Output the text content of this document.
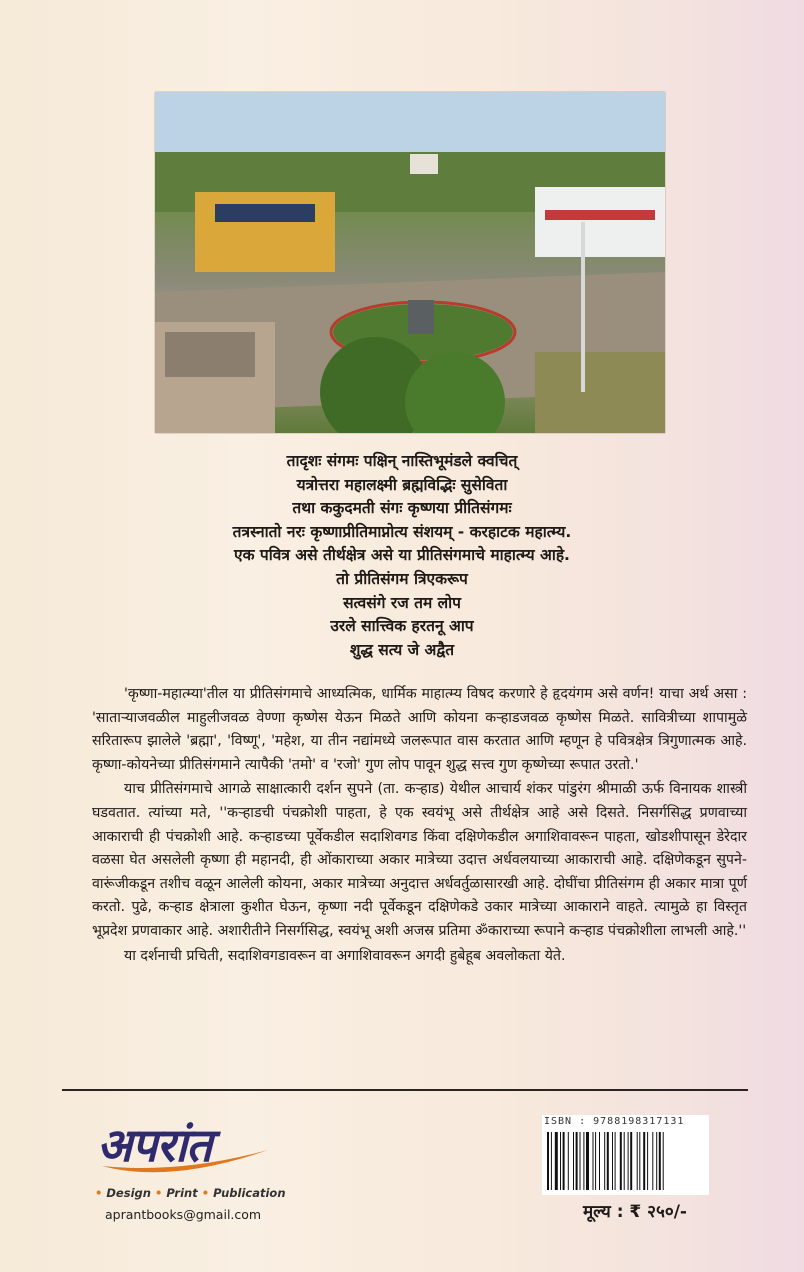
तादृशः संगमः पक्षिन् नास्तिभूमंडले क्वचित्
यत्रोत्तरा महालक्ष्मी ब्रह्मविद्भिः सुसेविता
तथा ककुदमती संगः कृष्णया प्रीतिसंगमः
तत्रस्नातो नरः कृष्णाप्रीतिमाप्नोत्य संशयम् - करहाटक महात्म्य.
एक पवित्र असे तीर्थक्षेत्र असे या प्रीतिसंगमाचे माहात्म्य आहे.
तो प्रीतिसंगम त्रिएकरूप
सत्वसंगे रज तम लोप
उरले सात्त्विक हरतनू आप
शुद्ध सत्य जे अद्वैत

'कृष्णा-महात्म्या'तील या प्रीतिसंगमाचे आध्यत्मिक, धार्मिक माहात्म्य विषद करणारे हे हृदयंगम असे वर्णन! याचा अर्थ असा : 'साताऱ्याजवळील माहुलीजवळ वेण्णा कृष्णेस येऊन मिळते आणि कोयना कऱ्हाडजवळ कृष्णेस मिळते. सावित्रीच्या शापामुळे सरितारूप झालेले 'ब्रह्मा', 'विष्णू', 'महेश, या तीन नद्यांमध्ये जलरूपात वास करतात आणि म्हणून हे पवित्रक्षेत्र त्रिगुणात्मक आहे. कृष्णा-कोयनेच्या प्रीतिसंगमाने त्यापैकी 'तमो' व 'रजो' गुण लोप पावून शुद्ध सत्त्व गुण कृष्णेच्या रूपात उरतो.'

याच प्रीतिसंगमाचे आगळे साक्षात्कारी दर्शन सुपने (ता. कऱ्हाड) येथील आचार्य शंकर पांडुरंग श्रीमाळी ऊर्फ विनायक शास्त्री घडवतात. त्यांच्या मते, ''कऱ्हाडची पंचक्रोशी पाहता, हे एक स्वयंभू असे तीर्थक्षेत्र आहे असे दिसते. निसर्गसिद्ध प्रणवाच्या आकाराची ही पंचक्रोशी आहे. कऱ्हाडच्या पूर्वेकडील सदाशिवगड किंवा दक्षिणेकडील अगाशिवावरून पाहता, खोडशीपासून डेरेदार वळसा घेत असलेली कृष्णा ही महानदी, ही ओंकाराच्या अकार मात्रेच्या उदात्त अर्धवलयाच्या आकाराची आहे. दक्षिणेकडून सुपने-वारूंजीकडून तशीच वळून आलेली कोयना, अकार मात्रेच्या अनुदात्त अर्धवर्तुळासारखी आहे. दोघींचा प्रीतिसंगम ही अकार मात्रा पूर्ण करतो. पुढे, कऱ्हाड क्षेत्राला कुशीत घेऊन, कृष्णा नदी पूर्वेकडून दक्षिणेकडे उकार मात्रेच्या आकाराने वाहते. त्यामुळे हा विस्तृत भूप्रदेश प्रणवाकार आहे. अशारीतीने निसर्गसिद्ध, स्वयंभू अशी अजस्र प्रतिमा ॐकाराच्या रूपाने कऱ्हाड पंचक्रोशीला लाभली आहे.''

या दर्शनाची प्रचिती, सदाशिवगडावरून वा अगाशिवावरून अगदी हुबेहूब अवलोकता येते.

अपरांत
• Design • Print • Publication
aprantbooks@gmail.com
ISBN : 9788198317131
मूल्य : ₹ २५०/-
